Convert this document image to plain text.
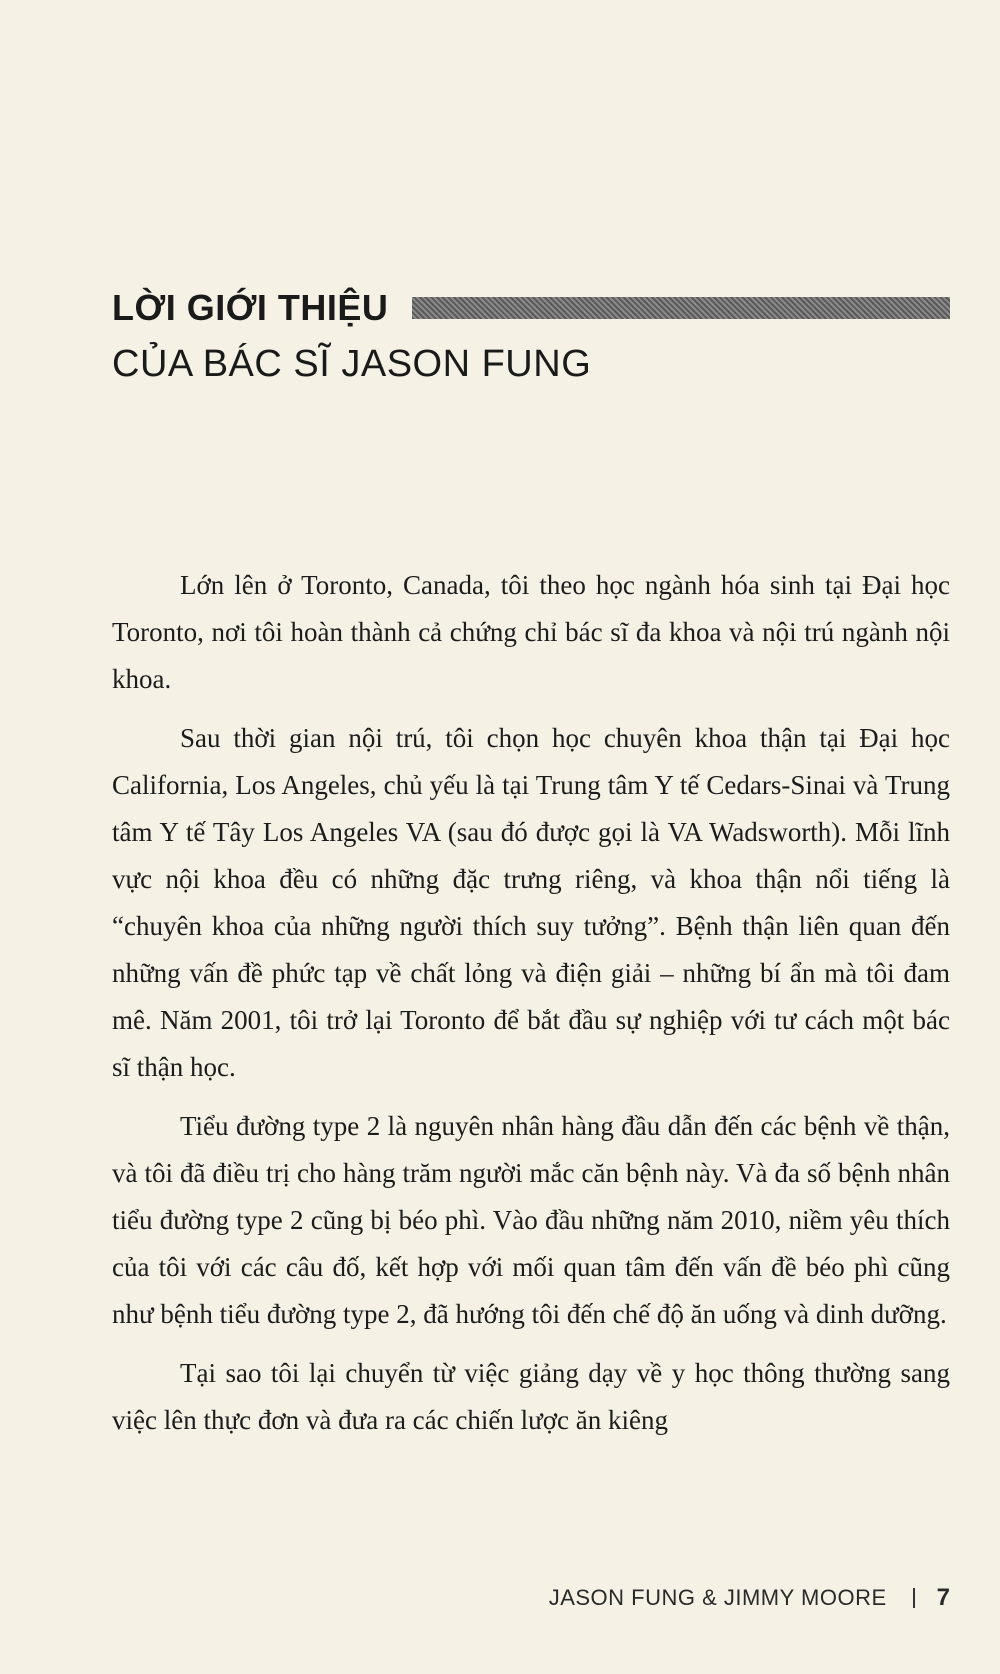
LỜI GIỚI THIỆU
CỦA BÁC SĨ JASON FUNG

Lớn lên ở Toronto, Canada, tôi theo học ngành hóa sinh tại Đại học Toronto, nơi tôi hoàn thành cả chứng chỉ bác sĩ đa khoa và nội trú ngành nội khoa.

Sau thời gian nội trú, tôi chọn học chuyên khoa thận tại Đại học California, Los Angeles, chủ yếu là tại Trung tâm Y tế Cedars-Sinai và Trung tâm Y tế Tây Los Angeles VA (sau đó được gọi là VA Wadsworth). Mỗi lĩnh vực nội khoa đều có những đặc trưng riêng, và khoa thận nổi tiếng là “chuyên khoa của những người thích suy tưởng”. Bệnh thận liên quan đến những vấn đề phức tạp về chất lỏng và điện giải – những bí ẩn mà tôi đam mê. Năm 2001, tôi trở lại Toronto để bắt đầu sự nghiệp với tư cách một bác sĩ thận học.

Tiểu đường type 2 là nguyên nhân hàng đầu dẫn đến các bệnh về thận, và tôi đã điều trị cho hàng trăm người mắc căn bệnh này. Và đa số bệnh nhân tiểu đường type 2 cũng bị béo phì. Vào đầu những năm 2010, niềm yêu thích của tôi với các câu đố, kết hợp với mối quan tâm đến vấn đề béo phì cũng như bệnh tiểu đường type 2, đã hướng tôi đến chế độ ăn uống và dinh dưỡng.

Tại sao tôi lại chuyển từ việc giảng dạy về y học thông thường sang việc lên thực đơn và đưa ra các chiến lược ăn kiêng

JASON FUNG & JIMMY MOORE 7
